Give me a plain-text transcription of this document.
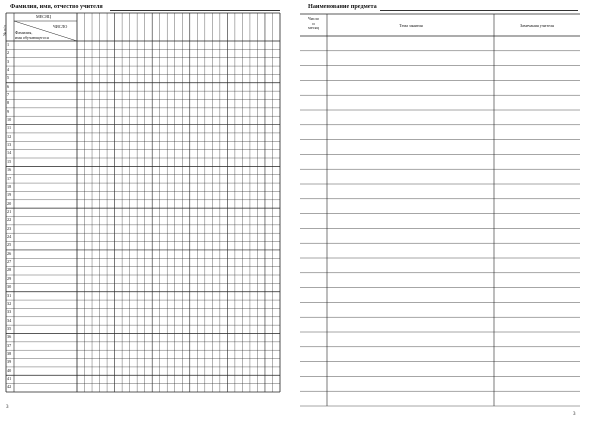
Фамилия, имя, отчество учителя
МЕСЯЦ
ЧИСЛО
Фамилия,
имя обучающегося
№ п/п
1
2
3
4
5
6
7
8
9
10
11
12
13
14
15
16
17
18
19
20
21
22
23
24
25
26
27
28
29
30
31
32
33
34
35
36
37
38
39
40
41
42
3
Наименование предмета
Число
и
месяц	Тема занятия	Замечания учителя
3
